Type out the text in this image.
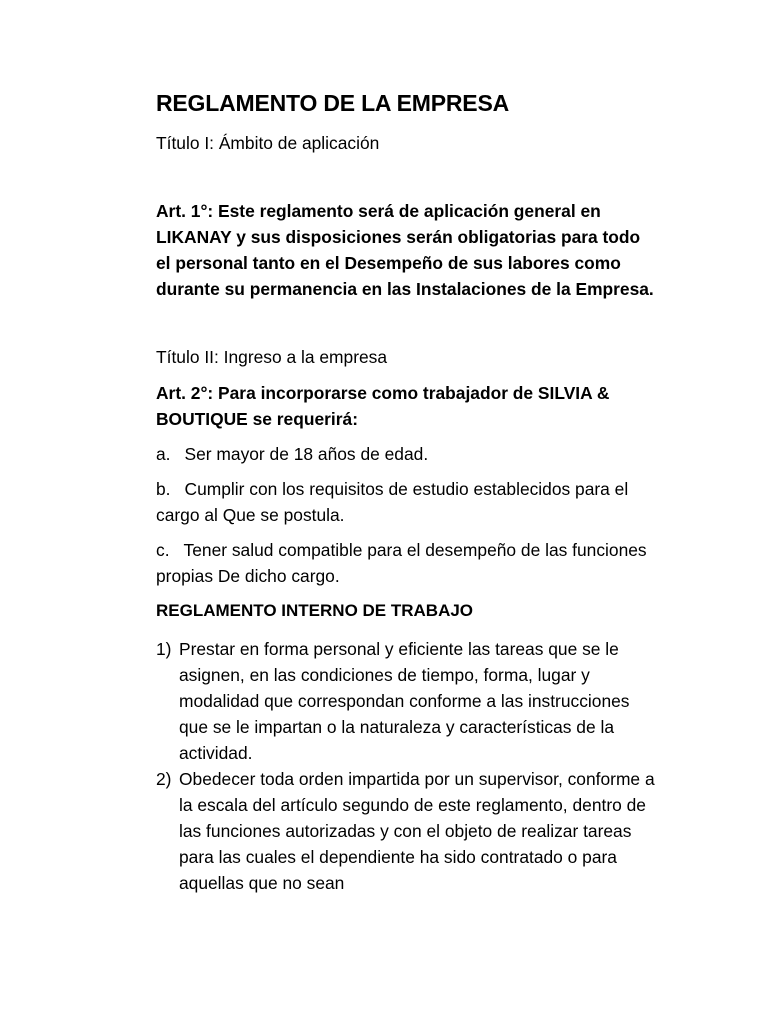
REGLAMENTO DE LA EMPRESA

Título I: Ámbito de aplicación

Art. 1°: Este reglamento será de aplicación general en LIKANAY y sus disposiciones serán obligatorias para todo el personal tanto en el Desempeño de sus labores como durante su permanencia en las Instalaciones de la Empresa.

Título II: Ingreso a la empresa

Art. 2°: Para incorporarse como trabajador de SILVIA & BOUTIQUE se requerirá:

a. Ser mayor de 18 años de edad.

b. Cumplir con los requisitos de estudio establecidos para el cargo al Que se postula.

c. Tener salud compatible para el desempeño de las funciones propias De dicho cargo.

REGLAMENTO INTERNO DE TRABAJO

1) Prestar en forma personal y eficiente las tareas que se le asignen, en las condiciones de tiempo, forma, lugar y modalidad que correspondan conforme a las instrucciones que se le impartan o la naturaleza y características de la actividad.
2) Obedecer toda orden impartida por un supervisor, conforme a la escala del artículo segundo de este reglamento, dentro de las funciones autorizadas y con el objeto de realizar tareas para las cuales el dependiente ha sido contratado o para aquellas que no sean
